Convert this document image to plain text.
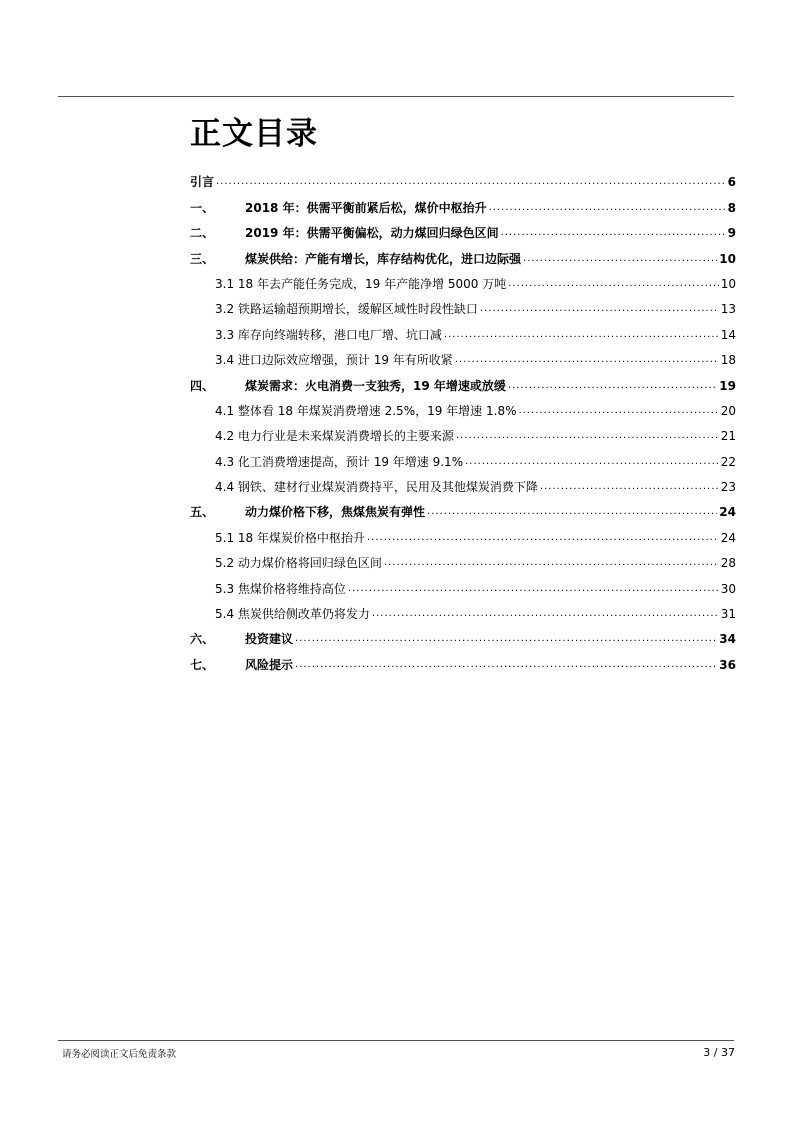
正文目录
引言 .....	6
一、	2018 年：供需平衡前紧后松，煤价中枢抬升 .....	8
二、	2019 年：供需平衡偏松，动力煤回归绿色区间 .....	9
三、	煤炭供给：产能有增长，库存结构优化，进口边际强 .....	10
3.1 18 年去产能任务完成，19 年产能净增 5000 万吨 .....	10
3.2 铁路运输超预期增长，缓解区域性时段性缺口 .....	13
3.3 库存向终端转移，港口电厂增、坑口减 .....	14
3.4 进口边际效应增强，预计 19 年有所收紧 .....	18
四、	煤炭需求：火电消费一支独秀，19 年增速或放缓 .....	19
4.1 整体看 18 年煤炭消费增速 2.5%，19 年增速 1.8% .....	20
4.2 电力行业是未来煤炭消费增长的主要来源 .....	21
4.3 化工消费增速提高，预计 19 年增速 9.1% .....	22
4.4 钢铁、建材行业煤炭消费持平，民用及其他煤炭消费下降 .....	23
五、	动力煤价格下移，焦煤焦炭有弹性 .....	24
5.1 18 年煤炭价格中枢抬升 .....	24
5.2 动力煤价格将回归绿色区间 .....	28
5.3 焦煤价格将维持高位 .....	30
5.4 焦炭供给侧改革仍将发力 .....	31
六、	投资建议 .....	34
七、	风险提示 .....	36
请务必阅读正文后免责条款	3 / 37
